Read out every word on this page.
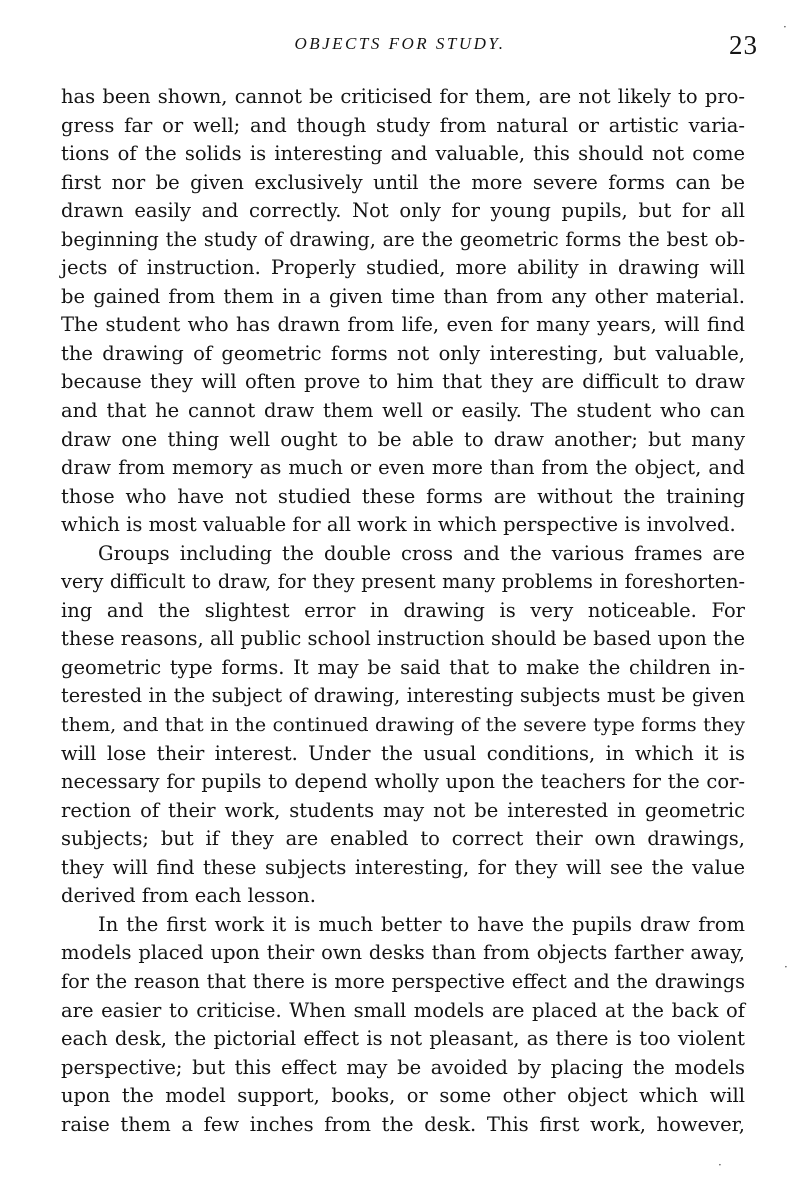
OBJECTS FOR STUDY.	23
has been shown, cannot be criticised for them, are not likely to pro-
gress far or well; and though study from natural or artistic varia-
tions of the solids is interesting and valuable, this should not come
first nor be given exclusively until the more severe forms can be
drawn easily and correctly. Not only for young pupils, but for all
beginning the study of drawing, are the geometric forms the best ob-
jects of instruction. Properly studied, more ability in drawing will
be gained from them in a given time than from any other material.
The student who has drawn from life, even for many years, will find
the drawing of geometric forms not only interesting, but valuable,
because they will often prove to him that they are difficult to draw
and that he cannot draw them well or easily. The student who can
draw one thing well ought to be able to draw another; but many
draw from memory as much or even more than from the object, and
those who have not studied these forms are without the training
which is most valuable for all work in which perspective is involved.
Groups including the double cross and the various frames are
very difficult to draw, for they present many problems in foreshorten-
ing and the slightest error in drawing is very noticeable. For
these reasons, all public school instruction should be based upon the
geometric type forms. It may be said that to make the children in-
terested in the subject of drawing, interesting subjects must be given
them, and that in the continued drawing of the severe type forms they
will lose their interest. Under the usual conditions, in which it is
necessary for pupils to depend wholly upon the teachers for the cor-
rection of their work, students may not be interested in geometric
subjects; but if they are enabled to correct their own drawings,
they will find these subjects interesting, for they will see the value
derived from each lesson.
In the first work it is much better to have the pupils draw from
models placed upon their own desks than from objects farther away,
for the reason that there is more perspective effect and the drawings
are easier to criticise. When small models are placed at the back of
each desk, the pictorial effect is not pleasant, as there is too violent
perspective; but this effect may be avoided by placing the models
upon the model support, books, or some other object which will
raise them a few inches from the desk. This first work, however,
·
·
·
